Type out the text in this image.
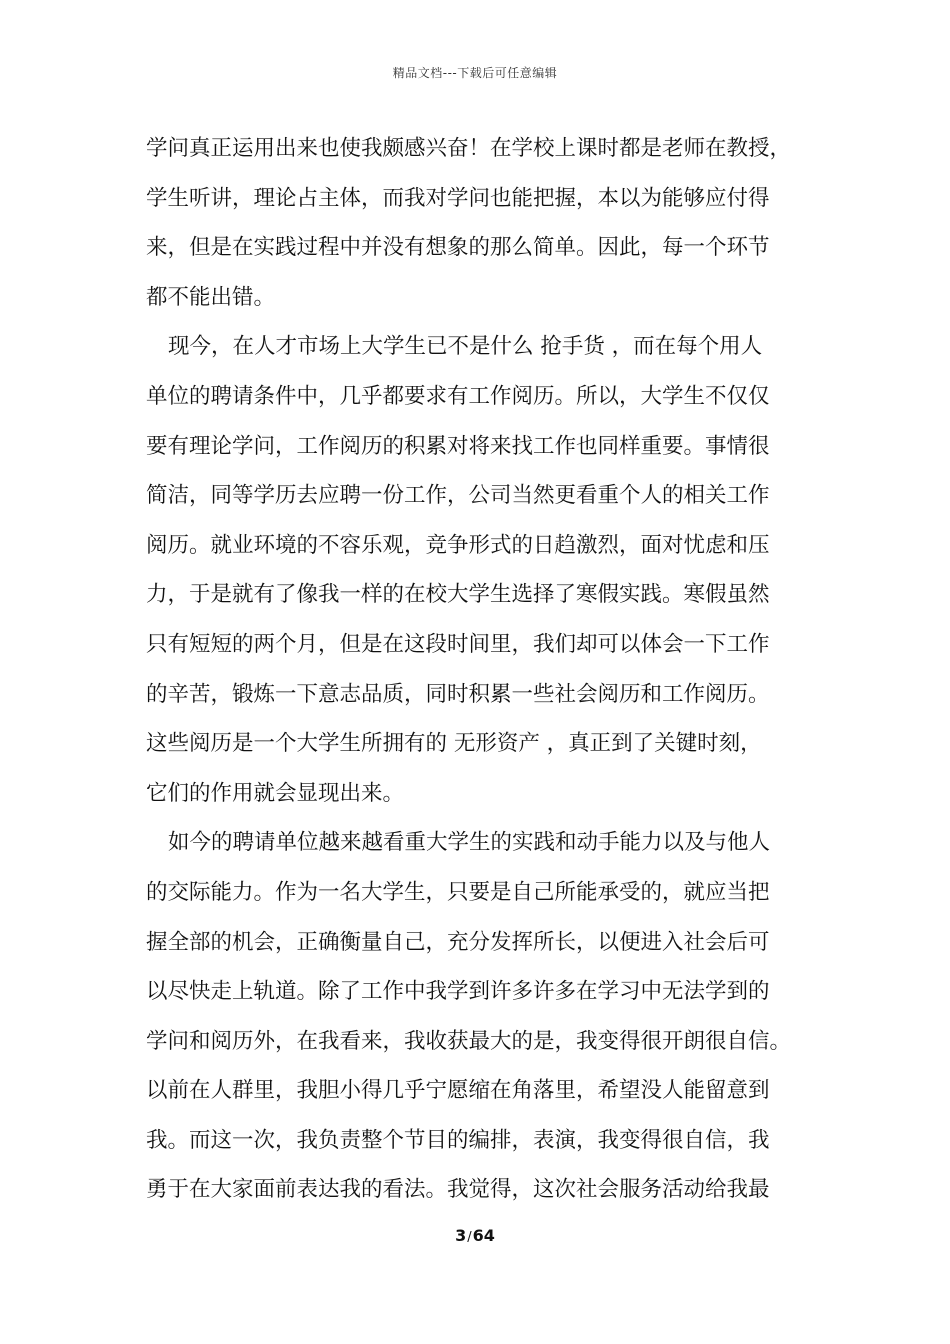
精品文档---下载后可任意编辑
学问真正运用出来也使我颇感兴奋！在学校上课时都是老师在教授，
学生听讲，理论占主体，而我对学问也能把握，本以为能够应付得
来，但是在实践过程中并没有想象的那么简单。因此，每一个环节
都不能出错。
现今，在人才市场上大学生已不是什么 抢手货 ，而在每个用人
单位的聘请条件中，几乎都要求有工作阅历。所以，大学生不仅仅
要有理论学问，工作阅历的积累对将来找工作也同样重要。事情很
简洁，同等学历去应聘一份工作，公司当然更看重个人的相关工作
阅历。就业环境的不容乐观，竞争形式的日趋激烈，面对忧虑和压
力，于是就有了像我一样的在校大学生选择了寒假实践。寒假虽然
只有短短的两个月，但是在这段时间里，我们却可以体会一下工作
的辛苦，锻炼一下意志品质，同时积累一些社会阅历和工作阅历。
这些阅历是一个大学生所拥有的 无形资产 ，真正到了关键时刻，
它们的作用就会显现出来。
如今的聘请单位越来越看重大学生的实践和动手能力以及与他人
的交际能力。作为一名大学生，只要是自己所能承受的，就应当把
握全部的机会，正确衡量自己，充分发挥所长，以便进入社会后可
以尽快走上轨道。除了工作中我学到许多许多在学习中无法学到的
学问和阅历外，在我看来，我收获最大的是，我变得很开朗很自信。
以前在人群里，我胆小得几乎宁愿缩在角落里，希望没人能留意到
我。而这一次，我负责整个节目的编排，表演，我变得很自信，我
勇于在大家面前表达我的看法。我觉得，这次社会服务活动给我最
3/64
